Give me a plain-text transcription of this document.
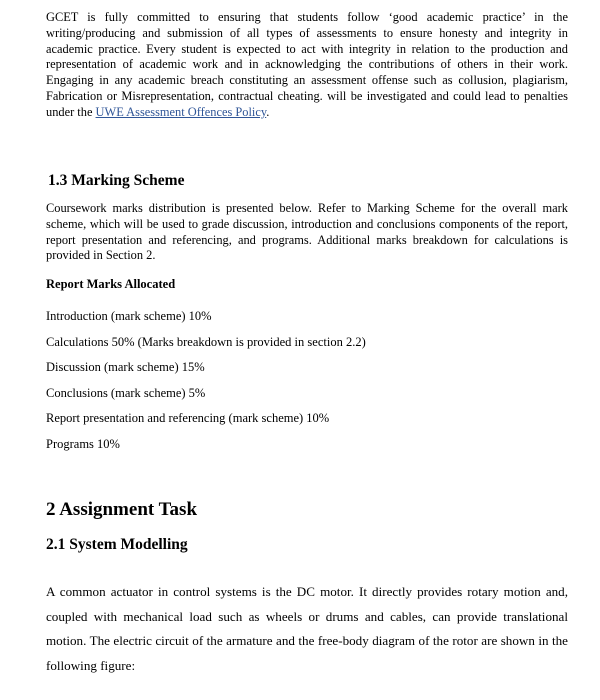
GCET is fully committed to ensuring that students follow ‘good academic practice’ in the writing/producing and submission of all types of assessments to ensure honesty and integrity in academic practice. Every student is expected to act with integrity in relation to the production and representation of academic work and in acknowledging the contributions of others in their work. Engaging in any academic breach constituting an assessment offense such as collusion, plagiarism, Fabrication or Misrepresentation, contractual cheating. will be investigated and could lead to penalties under the UWE Assessment Offences Policy.

1.3 Marking Scheme

Coursework marks distribution is presented below. Refer to Marking Scheme for the overall mark scheme, which will be used to grade discussion, introduction and conclusions components of the report, report presentation and referencing, and programs. Additional marks breakdown for calculations is provided in Section 2.

Report Marks Allocated
Introduction (mark scheme) 10%
Calculations 50% (Marks breakdown is provided in section 2.2)
Discussion (mark scheme) 15%
Conclusions (mark scheme) 5%
Report presentation and referencing (mark scheme) 10%
Programs 10%
2 Assignment Task
2.1 System Modelling

A common actuator in control systems is the DC motor. It directly provides rotary motion and, coupled with mechanical load such as wheels or drums and cables, can provide translational motion. The electric circuit of the armature and the free-body diagram of the rotor are shown in the following figure:
